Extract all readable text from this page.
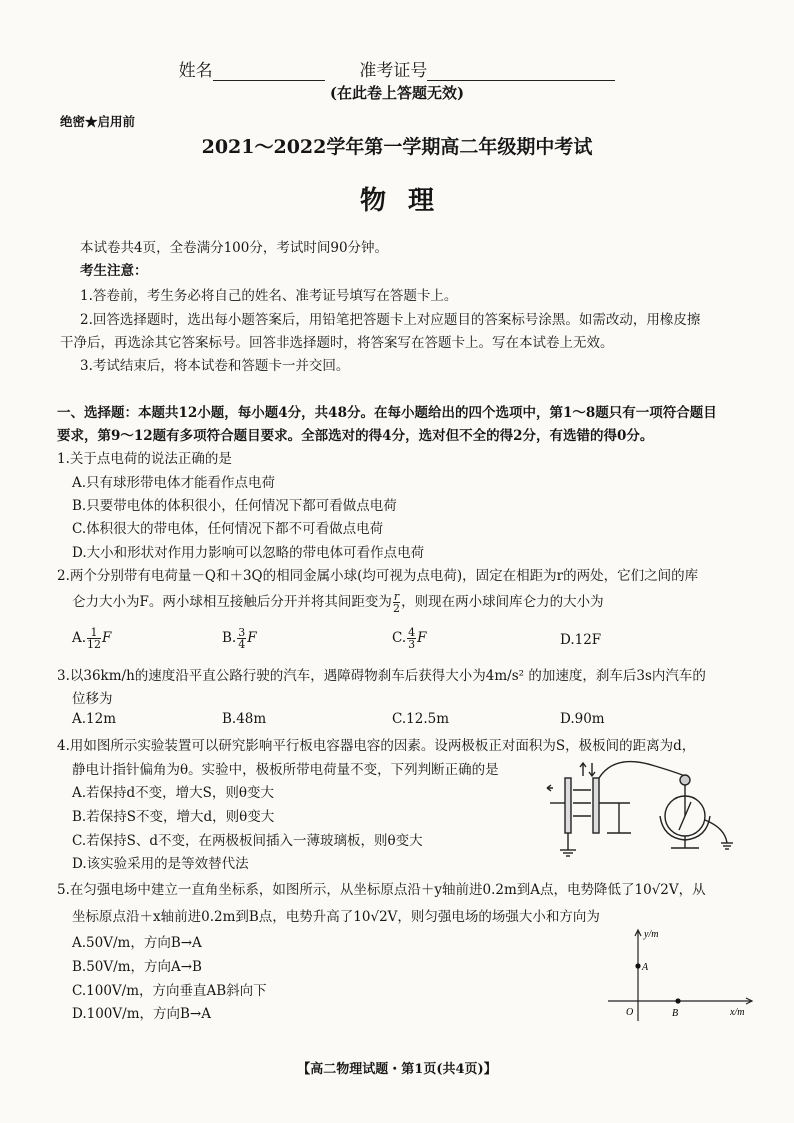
姓名	准考证号
(在此卷上答题无效)
绝密★启用前
2021～2022学年第一学期高二年级期中考试
物理
本试卷共4页，全卷满分100分，考试时间90分钟。
考生注意：
1.答卷前，考生务必将自己的姓名、准考证号填写在答题卡上。
2.回答选择题时，选出每小题答案后，用铅笔把答题卡上对应题目的答案标号涂黑。如需改动，用橡皮擦
干净后，再选涂其它答案标号。回答非选择题时，将答案写在答题卡上。写在本试卷上无效。
3.考试结束后，将本试卷和答题卡一并交回。
一、选择题：本题共12小题，每小题4分，共48分。在每小题给出的四个选项中，第1～8题只有一项符合题目
要求，第9～12题有多项符合题目要求。全部选对的得4分，选对但不全的得2分，有选错的得0分。
1.关于点电荷的说法正确的是
A.只有球形带电体才能看作点电荷
B.只要带电体的体积很小，任何情况下都可看做点电荷
C.体积很大的带电体，任何情况下都不可看做点电荷
D.大小和形状对作用力影响可以忽略的带电体可看作点电荷
2.两个分别带有电荷量－Q和＋3Q的相同金属小球(均可视为点电荷)，固定在相距为r的两处，它们之间的库
仑力大小为F。两小球相互接触后分开并将其间距变为 $\frac{r}{2}$ ，则现在两小球间库仑力的大小为
A. $\frac{1}{12}$ F	B. $\frac{3}{4}$ F	C. $\frac{4}{3}$ F	D.12F
3.以36km/h的速度沿平直公路行驶的汽车，遇障碍物刹车后获得大小为4m/s² 的加速度，刹车后3s内汽车的
位移为
A.12m	B.48m	C.12.5m	D.90m
4.用如图所示实验装置可以研究影响平行板电容器电容的因素。设两极板正对面积为S，极板间的距离为d，
静电计指针偏角为θ。实验中，极板所带电荷量不变，下列判断正确的是
A.若保持d不变，增大S，则θ变大
B.若保持S不变，增大d，则θ变大
C.若保持S、d不变，在两极板间插入一薄玻璃板，则θ变大
D.该实验采用的是等效替代法
5.在匀强电场中建立一直角坐标系，如图所示，从坐标原点沿＋y轴前进0.2m到A点，电势降低了10√2V，从
坐标原点沿＋x轴前进0.2m到B点，电势升高了10√2V，则匀强电场的场强大小和方向为
A.50V/m，方向B→A
B.50V/m，方向A→B
C.100V/m，方向垂直AB斜向下
D.100V/m，方向B→A
y/m
x/m
O
A
B
【高二物理试题・第1页(共4页)】
